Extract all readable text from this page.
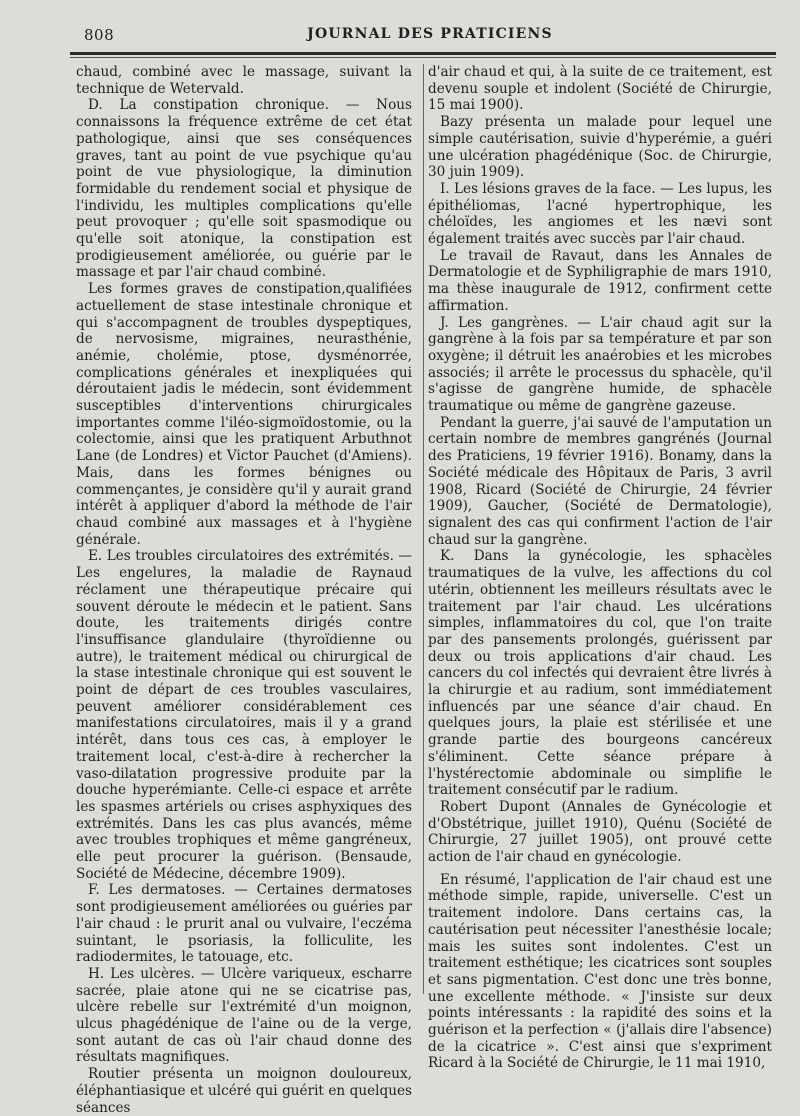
808	JOURNAL DES PRATICIENS

chaud, combiné avec le massage, suivant la technique de Wetervald.

D. La constipation chronique. — Nous connaissons la fréquence extrême de cet état pathologique, ainsi que ses conséquences graves, tant au point de vue psychique qu'au point de vue physiologique, la diminution formidable du rendement social et physique de l'individu, les multiples complications qu'elle peut provoquer ; qu'elle soit spasmodique ou qu'elle soit atonique, la constipation est prodigieusement améliorée, ou guérie par le massage et par l'air chaud combiné.

Les formes graves de constipation,qualifiées actuellement de stase intestinale chronique et qui s'accompagnent de troubles dyspeptiques, de nervosisme, migraines, neurasthénie, anémie, cholémie, ptose, dysménorrée, complications générales et inexpliquées qui déroutaient jadis le médecin, sont évidemment susceptibles d'interventions chirurgicales importantes comme l'iléo-sigmoïdostomie, ou la colectomie, ainsi que les pratiquent Arbuthnot Lane (de Londres) et Victor Pauchet (d'Amiens). Mais, dans les formes bénignes ou commençantes, je considère qu'il y aurait grand intérêt à appliquer d'abord la méthode de l'air chaud combiné aux massages et à l'hygiène générale.

E. Les troubles circulatoires des extrémités. — Les engelures, la maladie de Raynaud réclament une thérapeutique précaire qui souvent déroute le médecin et le patient. Sans doute, les traitements dirigés contre l'insuffisance glandulaire (thyroïdienne ou autre), le traitement médical ou chirurgical de la stase intestinale chronique qui est souvent le point de départ de ces troubles vasculaires, peuvent améliorer considérablement ces manifestations circulatoires, mais il y a grand intérêt, dans tous ces cas, à employer le traitement local, c'est-à-dire à rechercher la vaso-dilatation progressive produite par la douche hyperémiante. Celle-ci espace et arrête les spasmes artériels ou crises asphyxiques des extrémités. Dans les cas plus avancés, même avec troubles trophiques et même gangréneux, elle peut procurer la guérison. (Bensaude, Société de Médecine, décembre 1909).

F. Les dermatoses. — Certaines dermatoses sont prodigieusement améliorées ou guéries par l'air chaud : le prurit anal ou vulvaire, l'eczéma suintant, le psoriasis, la folliculite, les radiodermites, le tatouage, etc.

H. Les ulcères. — Ulcère variqueux, escharre sacrée, plaie atone qui ne se cicatrise pas, ulcère rebelle sur l'extrémité d'un moignon, ulcus phagédénique de l'aine ou de la verge, sont autant de cas où l'air chaud donne des résultats magnifiques.

Routier présenta un moignon douloureux, éléphantiasique et ulcéré qui guérit en quelques séances

d'air chaud et qui, à la suite de ce traitement, est devenu souple et indolent (Société de Chirurgie, 15 mai 1900).

Bazy présenta un malade pour lequel une simple cautérisation, suivie d'hyperémie, a guéri une ulcération phagédénique (Soc. de Chirurgie, 30 juin 1909).

I. Les lésions graves de la face. — Les lupus, les épithéliomas, l'acné hypertrophique, les chéloïdes, les angiomes et les nævi sont également traités avec succès par l'air chaud.

Le travail de Ravaut, dans les Annales de Dermatologie et de Syphiligraphie de mars 1910, ma thèse inaugurale de 1912, confirment cette affirmation.

J. Les gangrènes. — L'air chaud agit sur la gangrène à la fois par sa température et par son oxygène; il détruit les anaérobies et les microbes associés; il arrête le processus du sphacèle, qu'il s'agisse de gangrène humide, de sphacèle traumatique ou même de gangrène gazeuse.

Pendant la guerre, j'ai sauvé de l'amputation un certain nombre de membres gangrénés (Journal des Praticiens, 19 février 1916). Bonamy, dans la Société médicale des Hôpitaux de Paris, 3 avril 1908, Ricard (Société de Chirurgie, 24 février 1909), Gaucher, (Société de Dermatologie), signalent des cas qui confirment l'action de l'air chaud sur la gangrène.

K. Dans la gynécologie, les sphacèles traumatiques de la vulve, les affections du col utérin, obtiennent les meilleurs résultats avec le traitement par l'air chaud. Les ulcérations simples, inflammatoires du col, que l'on traite par des pansements prolongés, guérissent par deux ou trois applications d'air chaud. Les cancers du col infectés qui devraient être livrés à la chirurgie et au radium, sont immédiatement influencés par une séance d'air chaud. En quelques jours, la plaie est stérilisée et une grande partie des bourgeons cancéreux s'éliminent. Cette séance prépare à l'hystérectomie abdominale ou simplifie le traitement consécutif par le radium.

Robert Dupont (Annales de Gynécologie et d'Obstétrique, juillet 1910), Quénu (Société de Chirurgie, 27 juillet 1905), ont prouvé cette action de l'air chaud en gynécologie.

En résumé, l'application de l'air chaud est une méthode simple, rapide, universelle. C'est un traitement indolore. Dans certains cas, la cautérisation peut nécessiter l'anesthésie locale; mais les suites sont indolentes. C'est un traitement esthétique; les cicatrices sont souples et sans pigmentation. C'est donc une très bonne, une excellente méthode. « J'insiste sur deux points intéressants : la rapidité des soins et la guérison et la perfection « (j'allais dire l'absence) de la cicatrice ». C'est ainsi que s'expriment Ricard à la Société de Chirurgie, le 11 mai 1910,
